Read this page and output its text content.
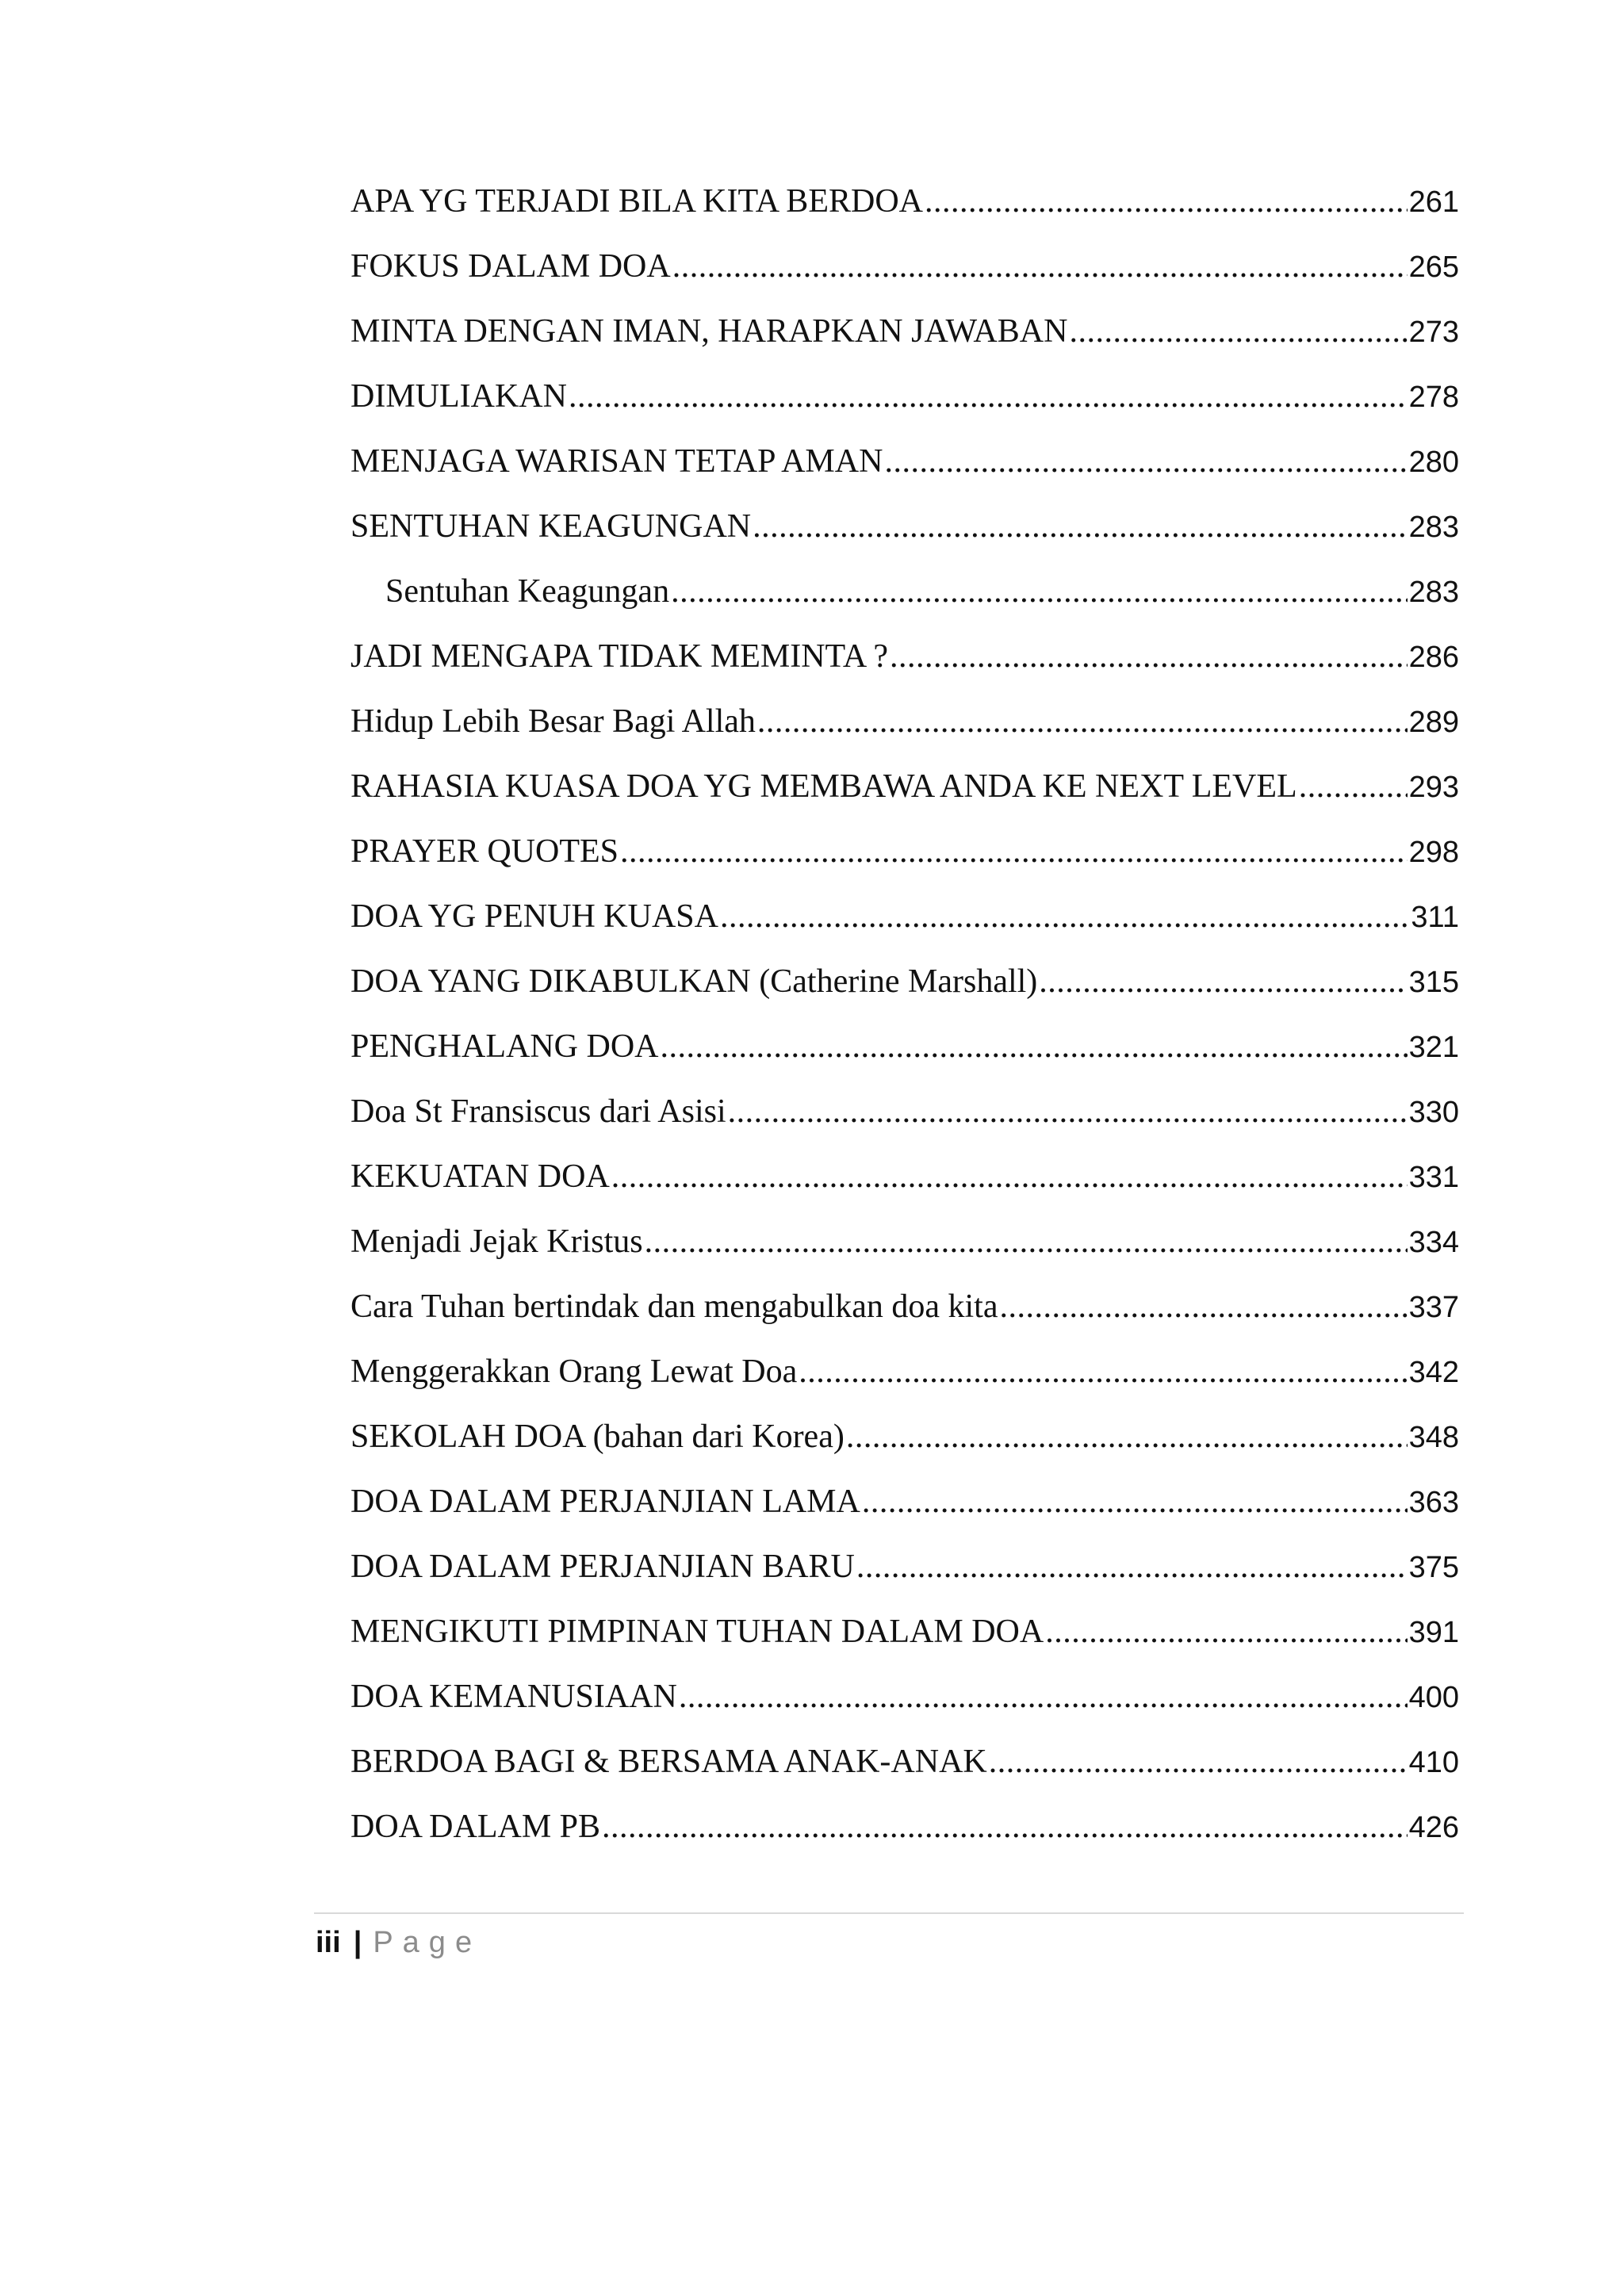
APA YG TERJADI BILA KITA BERDOA .....	261
FOKUS DALAM DOA .....	265
MINTA DENGAN IMAN, HARAPKAN JAWABAN .....	273
DIMULIAKAN .....	278
MENJAGA WARISAN TETAP AMAN .....	280
SENTUHAN KEAGUNGAN .....	283
Sentuhan Keagungan .....	283
JADI MENGAPA TIDAK MEMINTA ? .....	286
Hidup Lebih Besar Bagi Allah .....	289
RAHASIA KUASA DOA YG MEMBAWA ANDA KE NEXT LEVEL .....	293
PRAYER QUOTES .....	298
DOA YG PENUH KUASA .....	311
DOA YANG DIKABULKAN (Catherine Marshall) .....	315
PENGHALANG DOA .....	321
Doa St Fransiscus dari Asisi .....	330
KEKUATAN DOA .....	331
Menjadi Jejak Kristus .....	334
Cara Tuhan bertindak dan mengabulkan doa kita .....	337
Menggerakkan Orang Lewat Doa .....	342
SEKOLAH DOA (bahan dari Korea) .....	348
DOA DALAM PERJANJIAN LAMA .....	363
DOA DALAM PERJANJIAN BARU .....	375
MENGIKUTI PIMPINAN TUHAN DALAM DOA .....	391
DOA KEMANUSIAAN .....	400
BERDOA BAGI & BERSAMA ANAK-ANAK .....	410
DOA DALAM PB .....	426
iii | Page
